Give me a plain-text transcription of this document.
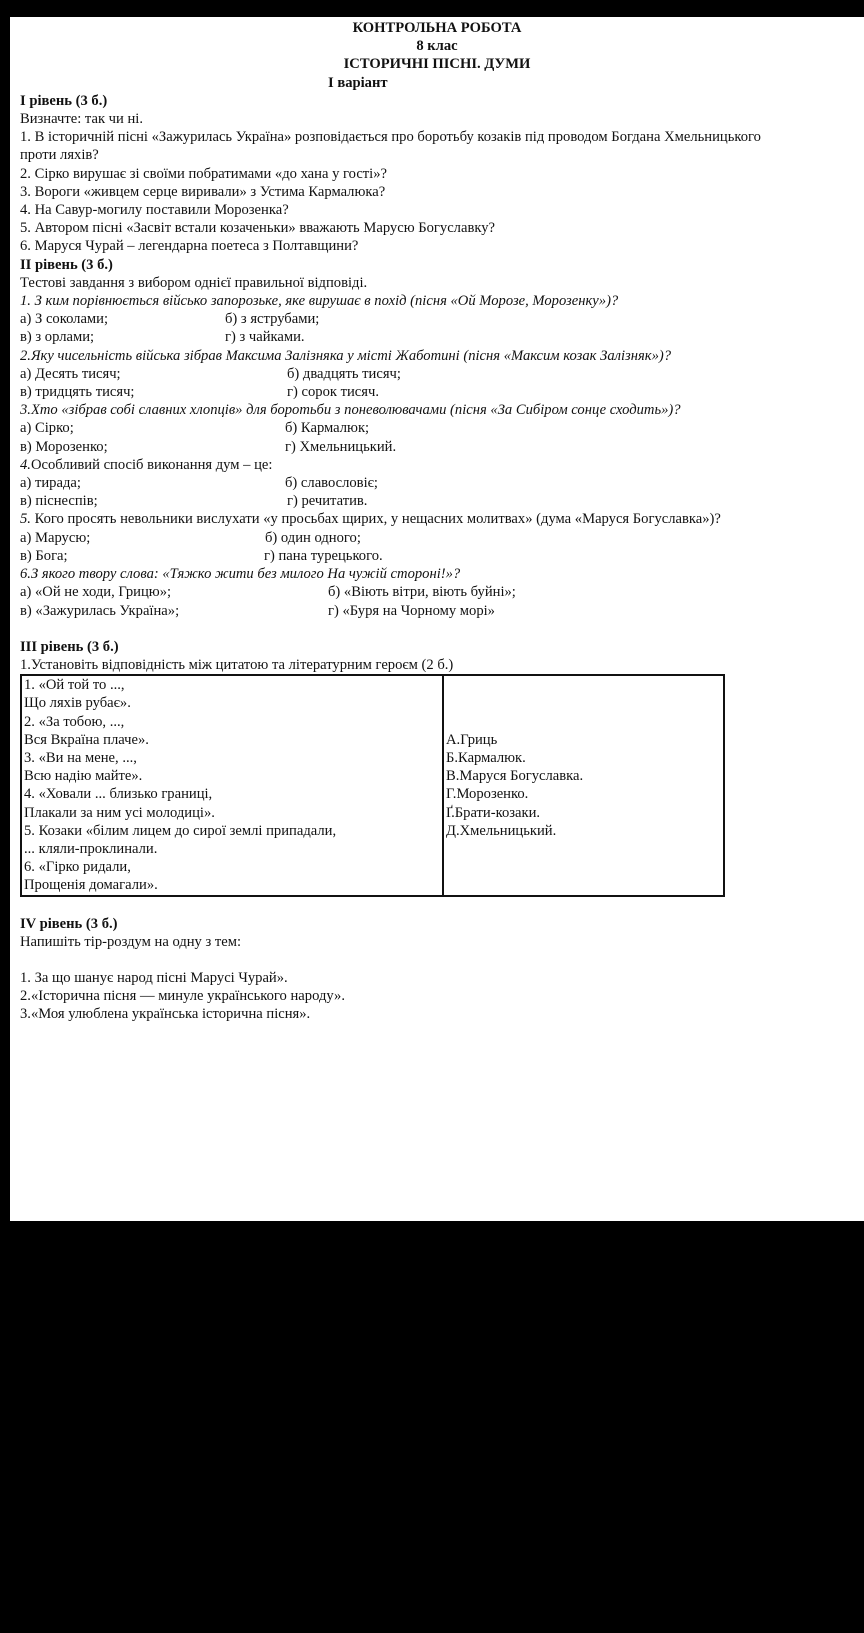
КОНТРОЛЬНА РОБОТА
8 клас
ІСТОРИЧНІ ПІСНІ. ДУМИ
І варіант
І рівень (3 б.)
Визначте: так чи ні.
1. В історичній пісні «Зажурилась Україна» розповідається про боротьбу козаків під проводом Богдана Хмельницького
проти ляхів?
2. Сірко вирушає зі своїми побратимами «до хана у гості»?
3. Вороги «живцем серце виривали» з Устима Кармалюка?
4. На Савур-могилу поставили Морозенка?
5. Автором пісні «Засвіт встали козаченьки» вважають Марусю Богуславку?
6. Маруся Чурай – легендарна поетеса з Полтавщини?
ІІ рівень (3 б.)
Тестові завдання з вибором однієї правильної відповіді.
1. З ким порівнюється військо запорозьке, яке вирушає в похід (пісня «Ой Морозе, Морозенку»)?
а) З соколами;	б) з яструбами;
в) з орлами;	г) з чайками.
2.Яку чисельність війська зібрав Максима Залізняка у місті Жаботині (пісня «Максим козак Залізняк»)?
а) Десять тисяч;	б) двадцять тисяч;
в) тридцять тисяч;	г) сорок тисяч.
3.Хто «зібрав собі славних хлопців» для боротьби з поневолювачами (пісня «За Сибіром сонце сходить»)?
а) Сірко;	б) Кармалюк;
в) Морозенко;	г) Хмельницький.
4.Особливий спосіб виконання дум – це:
а) тирада;	б) славословіє;
в) піснеспів;	г) речитатив.
5. Кого просять невольники вислухати «у просьбах щирих, у нещасних молитвах» (дума «Маруся Богуславка»)?
а) Марусю;	б) один одного;
в) Бога;	г) пана турецького.
6.З якого твору слова: «Тяжко жити без милого На чужій стороні!»?
а) «Ой не ходи, Грицю»;	б) «Віють вітри, віють буйні»;
в) «Зажурилась Україна»;	г) «Буря на Чорному морі»
ІІІ рівень (3 б.)
1.Установіть відповідність між цитатою та літературним героєм (2 б.)
1. «Ой той то ...,
Що ляхів рубає».
2. «За тобою, ...,
Вся Вкраїна плаче».
3. «Ви на мене, ...,
Всю надію майте».
4. «Ховали ... близько границі,
Плакали за ним усі молодиці».
5. Козаки «білим лицем до сирої землі припадали,
... кляли-проклинали.
6. «Гірко ридали,
Прощенія домагали».

А.Гриць
Б.Кармалюк.
В.Маруся Богуславка.
Г.Морозенко.
Ґ.Брати-козаки.
Д.Хмельницький.
IV рівень (3 б.)
Напишіть тір-роздум на одну з тем:
1. За що шанує народ пісні Марусі Чурай».
2.«Історична пісня — минуле українського народу».
3.«Моя улюблена українська історична пісня».
